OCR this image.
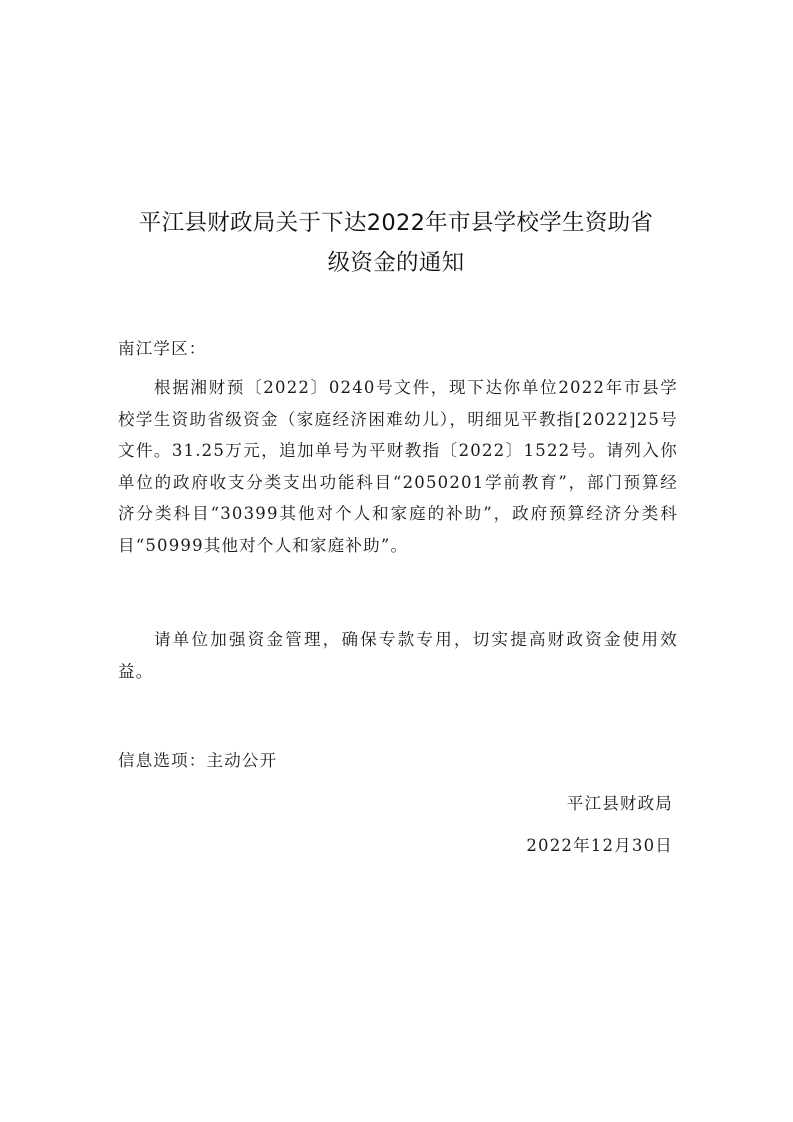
平江县财政局关于下达2022年市县学校学生资助省
级资金的通知
南江学区：
根据湘财预〔2022〕0240号文件，现下达你单位2022年市县学校学生资助省级资金（家庭经济困难幼儿），明细见平教指[2022]25号文件。31.25万元，追加单号为平财教指〔2022〕1522号。请列入你单位的政府收支分类支出功能科目“2050201学前教育”，部门预算经济分类科目“30399其他对个人和家庭的补助”，政府预算经济分类科目“50999其他对个人和家庭补助”。
请单位加强资金管理，确保专款专用，切实提高财政资金使用效益。
信息选项：主动公开
平江县财政局
2022年12月30日
